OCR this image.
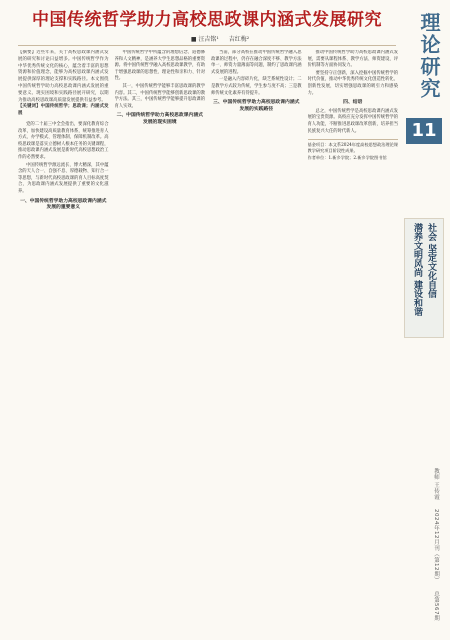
中国传统哲学助力高校思政课内涵式发展研究
■ 汪吉铭¹ 吉红梅²
【摘要】近些年来，关于高校思政课内涵式发展的研究和讨论日益增多。中国传统哲学作为中华优秀传统文化的核心，蕴含着丰富的思想资源和价值理念，能够为高校思政课内涵式发展提供深厚的理论支撑和实践路径。本文围绕中国传统哲学助力高校思政课内涵式发展的重要意义、现实困境和实践路径展开研究，以期为推动高校思政课高质量发展提供有益参考。
【关键词】中国传统哲学；思政课；内涵式发展

党的二十届三中全会指出，要深化教育综合改革，加快建设高质量教育体系，统筹推进育人方式、办学模式、管理体制、保障机制改革。高校思政课是落实立德树人根本任务的关键课程，推动思政课内涵式发展是新时代高校思想政治工作的必然要求。

中国传统哲学源远流长、博大精深，其中蕴含的天人合一、自强不息、厚德载物、知行合一等思想，与新时代高校思政课的育人目标高度契合，为思政课内涵式发展提供了重要的文化滋养。

一、中国传统哲学助力高校思政课内涵式发展的重要意义

中国传统哲学中所蕴含的理想信念、道德修养和人文精神，是涵养大学生思想品格的重要资源。将中国传统哲学融入高校思政课教学，有助于增强思政课的思想性、理论性和亲和力、针对性。

其一，中国传统哲学能够丰富思政课的教学内容。其二，中国传统哲学能够创新思政课的教学方法。其三，中国传统哲学能够提升思政课的育人实效。

二、中国传统哲学助力高校思政课内涵式发展的现实困境

当前，部分高校在推动中国传统哲学融入思政课的过程中，仍存在融合深度不够、教学方法单一、师资力量薄弱等问题，制约了思政课内涵式发展的进程。

一是融入内容碎片化，缺乏系统性设计；二是教学方式较为传统，学生参与度不高；三是教师传统文化素养有待提升。

三、中国传统哲学助力高校思政课内涵式发展的实践路径

推动中国传统哲学助力高校思政课内涵式发展，需要从课程体系、教学方法、师资建设、评价机制等方面协同发力。

要坚持守正创新，深入挖掘中国传统哲学的时代价值，推动中华优秀传统文化创造性转化、创新性发展，切实增强思政课的吸引力和感染力。

四、结语

总之，中国传统哲学是高校思政课内涵式发展的宝贵资源。高校应充分发挥中国传统哲学的育人功能，不断推进思政课改革创新，培养担当民族复兴大任的时代新人。

基金项目：本文系2024年度高校思想政治理论课教学研究项目阶段性成果。
作者单位：1.新乡学院；2.新乡学院图书馆
理论研究
11
潜养文明风尚 建设和谐 社会 坚定文化自信
教师 王传霞 2024年12月刊（第12期） 总第567期
